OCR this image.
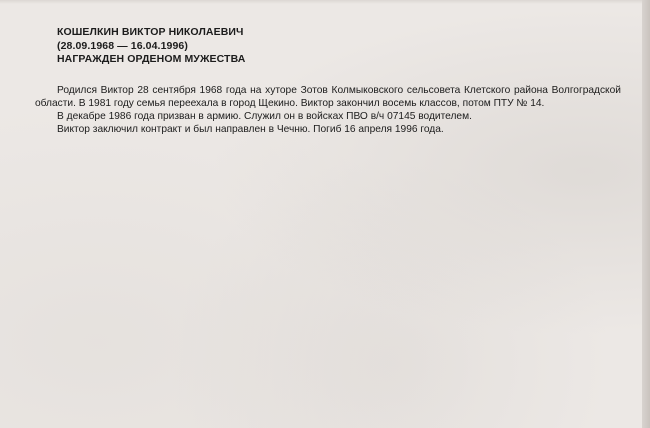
КОШЕЛКИН ВИКТОР НИКОЛАЕВИЧ
(28.09.1968 — 16.04.1996)
НАГРАЖДЕН ОРДЕНОМ МУЖЕСТВА

Родился Виктор 28 сентября 1968 года на хуторе Зотов Колмыковского сельсовета Клетского района Волгоградской области. В 1981 году семья переехала в город Щекино. Виктор закончил восемь классов, потом ПТУ № 14.

В декабре 1986 года призван в армию. Служил он в войсках ПВО в/ч 07145 водителем.

Виктор заключил контракт и был направлен в Чечню. Погиб 16 апреля 1996 года.
